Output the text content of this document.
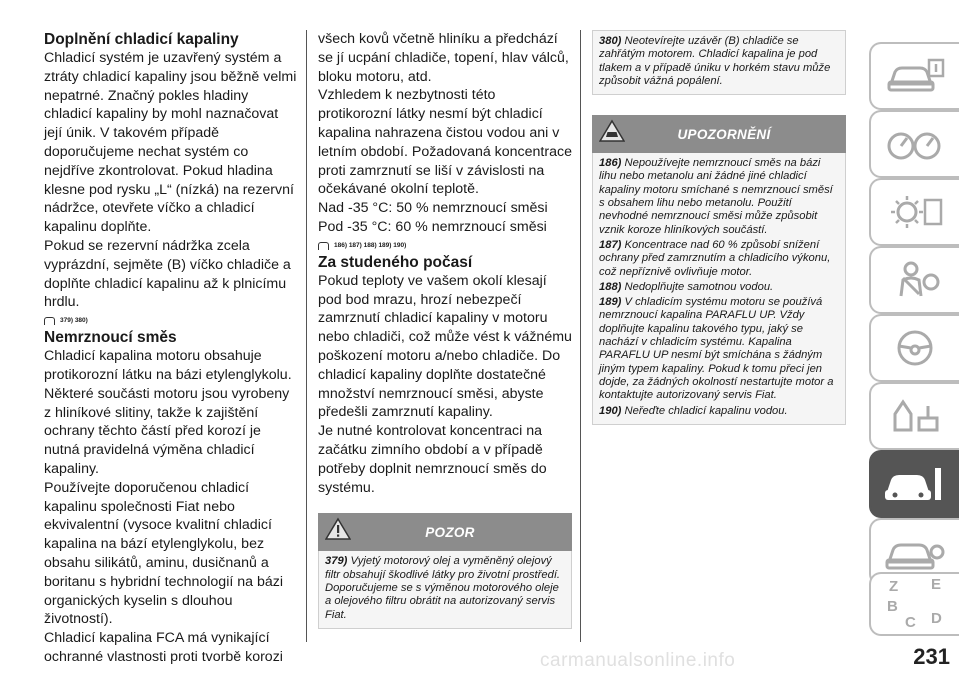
Doplnění chladicí kapaliny

Chladicí systém je uzavřený systém a ztráty chladicí kapaliny jsou běžně velmi nepatrné. Značný pokles hladiny chladicí kapaliny by mohl naznačovat její únik. V takovém případě doporučujeme nechat systém co nejdříve zkontrolovat. Pokud hladina klesne pod rysku „L“ (nízká) na rezervní nádržce, otevřete víčko a chladicí kapalinu doplňte.

Pokud se rezervní nádržka zcela vyprázdní, sejměte (B) víčko chladiče a doplňte chladicí kapalinu až k plnicímu hrdlu.

379) 380)
Nemrznoucí směs

Chladicí kapalina motoru obsahuje protikorozní látku na bázi etylenglykolu. Některé součásti motoru jsou vyrobeny z hliníkové slitiny, takže k zajištění ochrany těchto částí před korozí je nutná pravidelná výměna chladicí kapaliny.

Používejte doporučenou chladicí kapalinu společnosti Fiat nebo ekvivalentní (vysoce kvalitní chladicí kapalina na bází etylenglykolu, bez obsahu silikátů, aminu, dusičnanů a boritanu s hybridní technologií na bázi organických kyselin s dlouhou životností).

Chladicí kapalina FCA má vynikající ochranné vlastnosti proti tvorbě korozi

všech kovů včetně hliníku a předchází se jí ucpání chladiče, topení, hlav válců, bloku motoru, atd.

Vzhledem k nezbytnosti této protikorozní látky nesmí být chladicí kapalina nahrazena čistou vodou ani v letním období. Požadovaná koncentrace proti zamrznutí se liší v závislosti na očekávané okolní teplotě.

Nad -35 °C: 50 % nemrznoucí směsi

Pod -35 °C: 60 % nemrznoucí směsi

186) 187) 188) 189) 190)
Za studeného počasí

Pokud teploty ve vašem okolí klesají pod bod mrazu, hrozí nebezpečí zamrznutí chladicí kapaliny v motoru nebo chladiči, což může vést k vážnému poškození motoru a/nebo chladiče. Do chladicí kapaliny doplňte dostatečné množství nemrznoucí směsi, abyste předešli zamrznutí kapaliny.

Je nutné kontrolovat koncentraci na začátku zimního období a v případě potřeby doplnit nemrznoucí směs do systému.

POZOR

379) Vyjetý motorový olej a vyměněný olejový filtr obsahují škodlivé látky pro životní prostředí. Doporučujeme se s výměnou motorového oleje a olejového filtru obrátit na autorizovaný servis Fiat.

380) Neotevírejte uzávěr (B) chladiče se zahřátým motorem. Chladicí kapalina je pod tlakem a v případě úniku v horkém stavu může způsobit vážná popálení.

UPOZORNĚNÍ

186) Nepoužívejte nemrznoucí směs na bázi lihu nebo metanolu ani žádné jiné chladicí kapaliny motoru smíchané s nemrznoucí směsí s obsahem lihu nebo metanolu. Použití nevhodné nemrznoucí směsi může způsobit vznik koroze hliníkových součástí.

187) Koncentrace nad 60 % způsobí snížení ochrany před zamrznutím a chladicího výkonu, což nepříznivě ovlivňuje motor.

188) Nedoplňujte samotnou vodou.

189) V chladicím systému motoru se používá nemrznoucí kapalina PARAFLU UP. Vždy doplňujte kapalinu takového typu, jaký se nachází v chladicím systému. Kapalina PARAFLU UP nesmí být smíchána s žádným jiným typem kapaliny. Pokud k tomu přeci jen dojde, za žádných okolností nestartujte motor a kontaktujte autorizovaný servis Fiat.

190) Neřeďte chladicí kapalinu vodou.

Z E
B
C D
carmanualsonline.info	231
